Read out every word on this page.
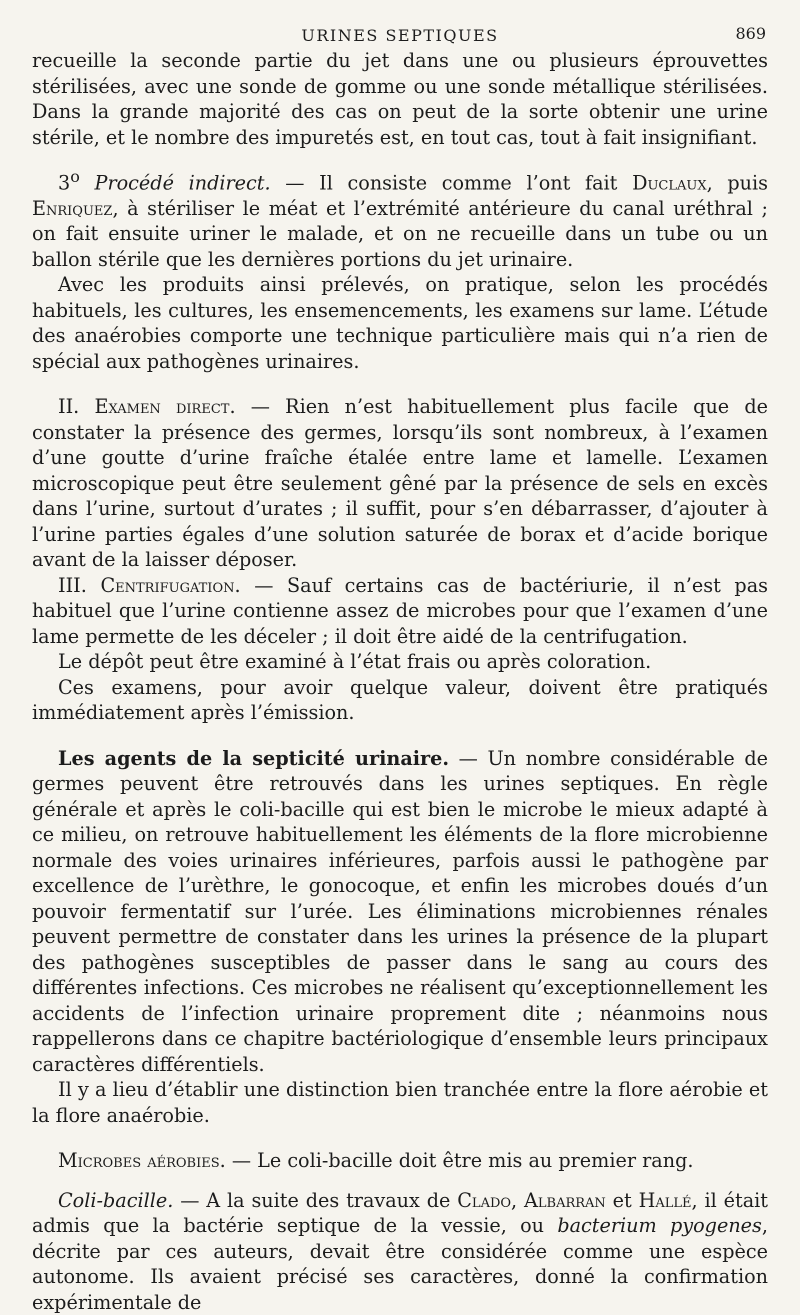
URINES SEPTIQUES	869

recueille la seconde partie du jet dans une ou plusieurs éprouvettes stérilisées, avec une sonde de gomme ou une sonde métallique stérilisées. Dans la grande majorité des cas on peut de la sorte obtenir une urine stérile, et le nombre des impuretés est, en tout cas, tout à fait insignifiant.

3$^o$ Procédé indirect. — Il consiste comme l’ont fait Duclaux, puis Enriquez, à stériliser le méat et l’extrémité antérieure du canal uréthral ; on fait ensuite uriner le malade, et on ne recueille dans un tube ou un ballon stérile que les dernières portions du jet urinaire.

Avec les produits ainsi prélevés, on pratique, selon les procédés habituels, les cultures, les ensemencements, les examens sur lame. L’étude des anaérobies comporte une technique particulière mais qui n’a rien de spécial aux pathogènes urinaires.

II. Examen direct. — Rien n’est habituellement plus facile que de constater la présence des germes, lorsqu’ils sont nombreux, à l’examen d’une goutte d’urine fraîche étalée entre lame et lamelle. L’examen microscopique peut être seulement gêné par la présence de sels en excès dans l’urine, surtout d’urates ; il suffit, pour s’en débarrasser, d’ajouter à l’urine parties égales d’une solution saturée de borax et d’acide borique avant de la laisser déposer.

III. Centrifugation. — Sauf certains cas de bactériurie, il n’est pas habituel que l’urine contienne assez de microbes pour que l’examen d’une lame permette de les déceler ; il doit être aidé de la centrifugation.

Le dépôt peut être examiné à l’état frais ou après coloration.

Ces examens, pour avoir quelque valeur, doivent être pratiqués immédiatement après l’émission.

Les agents de la septicité urinaire. — Un nombre considérable de germes peuvent être retrouvés dans les urines septiques. En règle générale et après le coli-bacille qui est bien le microbe le mieux adapté à ce milieu, on retrouve habituellement les éléments de la flore microbienne normale des voies urinaires inférieures, parfois aussi le pathogène par excellence de l’urèthre, le gonocoque, et enfin les microbes doués d’un pouvoir fermentatif sur l’urée. Les éliminations microbiennes rénales peuvent permettre de constater dans les urines la présence de la plupart des pathogènes susceptibles de passer dans le sang au cours des différentes infections. Ces microbes ne réalisent qu’exceptionnellement les accidents de l’infection urinaire proprement dite ; néanmoins nous rappellerons dans ce chapitre bactériologique d’ensemble leurs principaux caractères différentiels.

Il y a lieu d’établir une distinction bien tranchée entre la flore aérobie et la flore anaérobie.

Microbes aérobies. — Le coli-bacille doit être mis au premier rang.

Coli-bacille. — A la suite des travaux de Clado, Albarran et Hallé, il était admis que la bactérie septique de la vessie, ou bacterium pyogenes, décrite par ces auteurs, devait être considérée comme une espèce autonome. Ils avaient précisé ses caractères, donné la confirmation expérimentale de
